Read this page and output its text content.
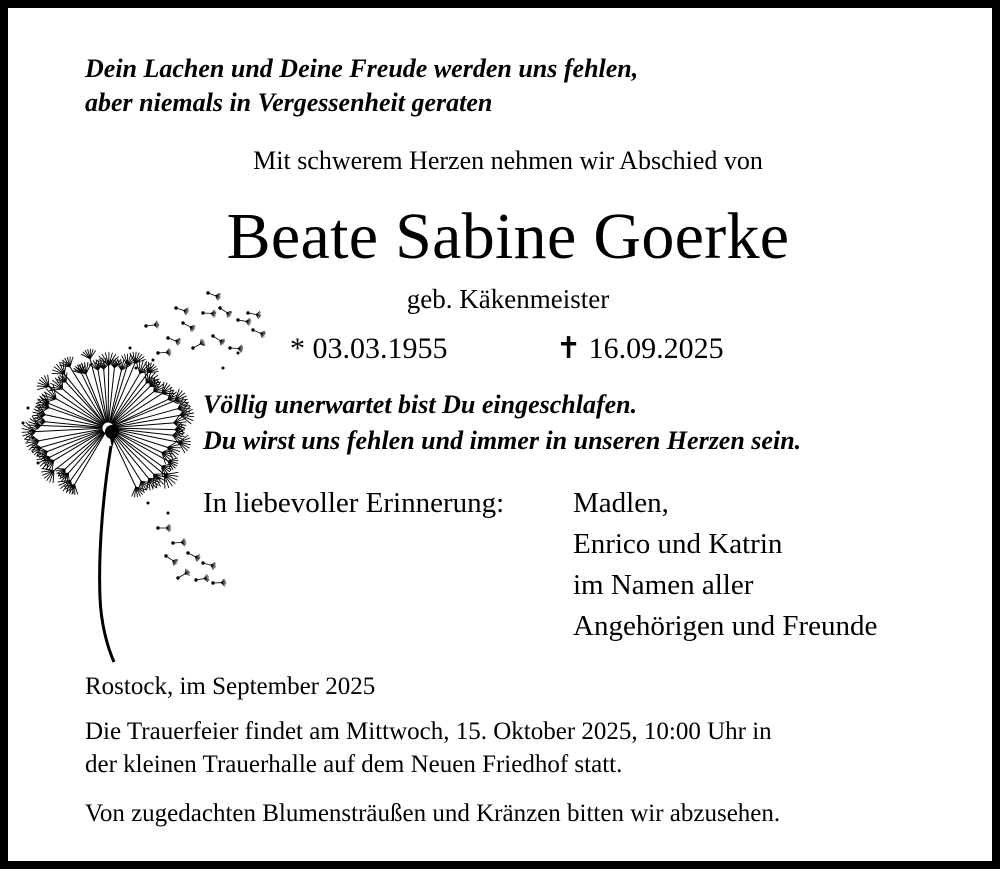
Dein Lachen und Deine Freude werden uns fehlen,

aber niemals in Vergessenheit geraten

Mit schwerem Herzen nehmen wir Abschied von

Beate Sabine Goerke

geb. Käkenmeister

* 03.03.1955	✝ 16.09.2025

Völlig unerwartet bist Du eingeschlafen.

Du wirst uns fehlen und immer in unseren Herzen sein.

In liebevoller Erinnerung: Madlen,

Enrico und Katrin

im Namen aller

Angehörigen und Freunde

Rostock, im September 2025

Die Trauerfeier findet am Mittwoch, 15. Oktober 2025, 10:00 Uhr in

der kleinen Trauerhalle auf dem Neuen Friedhof statt.

Von zugedachten Blumensträußen und Kränzen bitten wir abzusehen.
